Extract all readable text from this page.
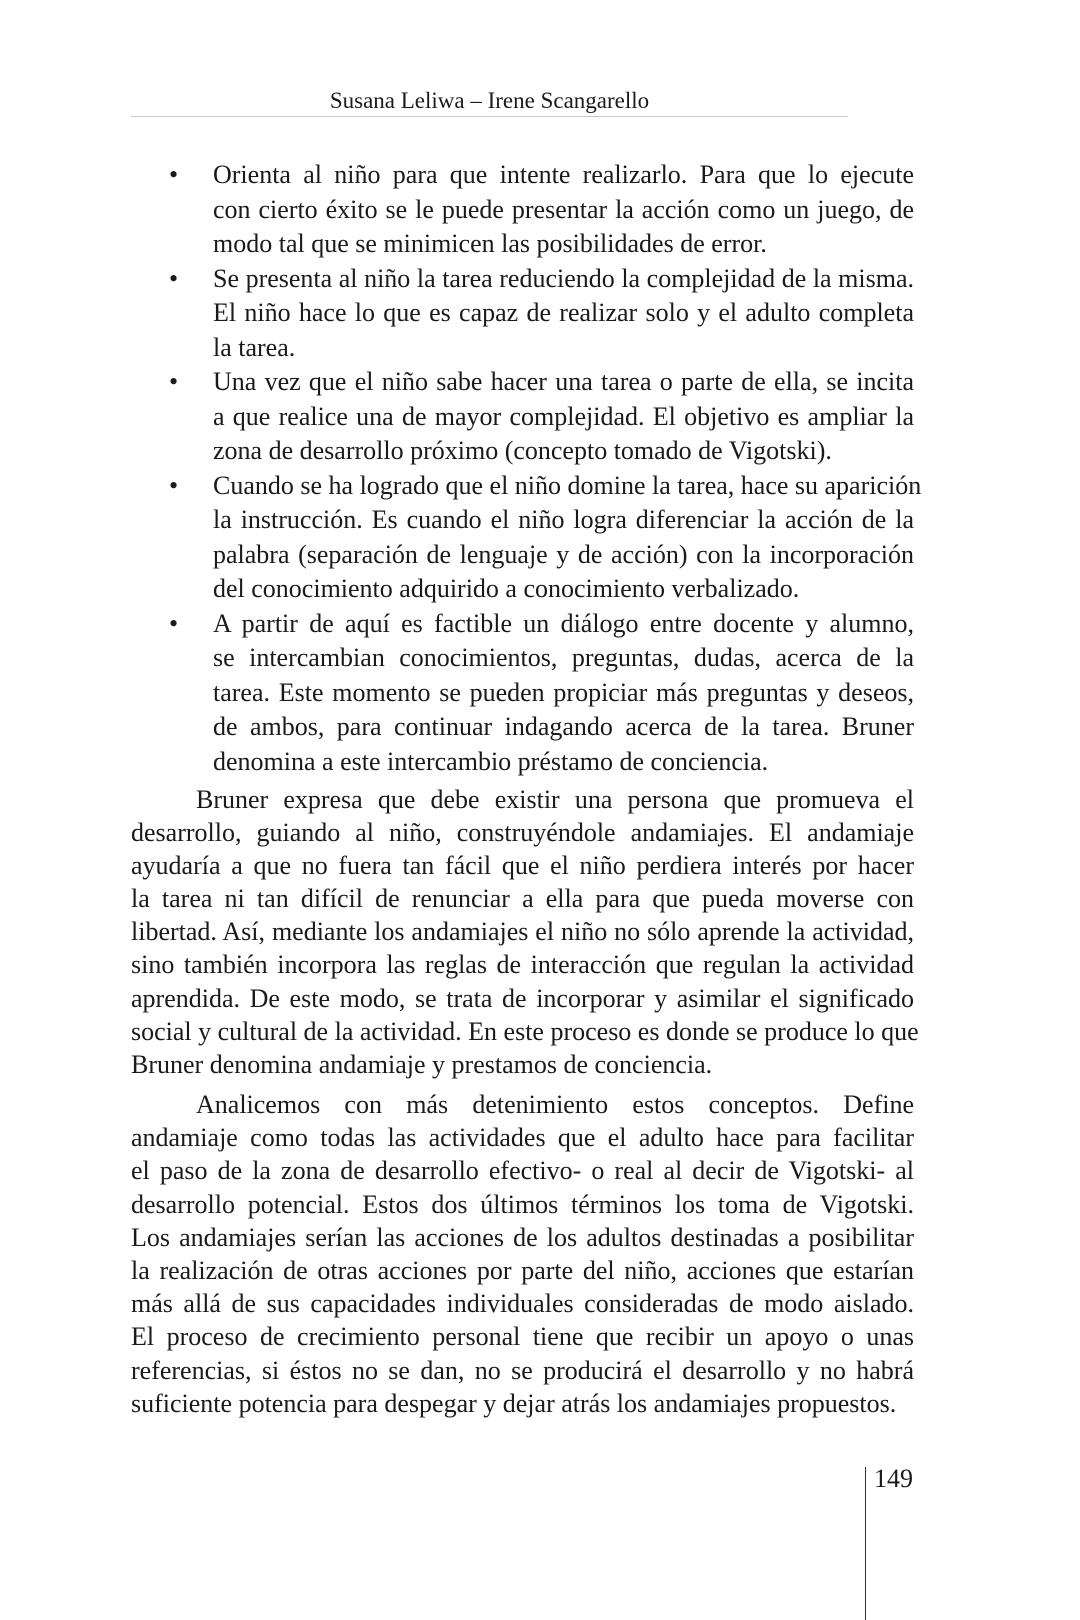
Susana Leliwa – Irene Scangarello
• Orienta al niño para que intente realizarlo. Para que lo ejecute
con cierto éxito se le puede presentar la acción como un juego, de
modo tal que se minimicen las posibilidades de error.
• Se presenta al niño la tarea reduciendo la complejidad de la misma.
El niño hace lo que es capaz de realizar solo y el adulto completa
la tarea.
• Una vez que el niño sabe hacer una tarea o parte de ella, se incita
a que realice una de mayor complejidad. El objetivo es ampliar la
zona de desarrollo próximo (concepto tomado de Vigotski).
• Cuando se ha logrado que el niño domine la tarea, hace su aparición
la instrucción. Es cuando el niño logra diferenciar la acción de la
palabra (separación de lenguaje y de acción) con la incorporación
del conocimiento adquirido a conocimiento verbalizado.
• A partir de aquí es factible un diálogo entre docente y alumno,
se intercambian conocimientos, preguntas, dudas, acerca de la
tarea. Este momento se pueden propiciar más preguntas y deseos,
de ambos, para continuar indagando acerca de la tarea. Bruner
denomina a este intercambio préstamo de conciencia.
Bruner expresa que debe existir una persona que promueva el
desarrollo, guiando al niño, construyéndole andamiajes. El andamiaje
ayudaría a que no fuera tan fácil que el niño perdiera interés por hacer
la tarea ni tan difícil de renunciar a ella para que pueda moverse con
libertad. Así, mediante los andamiajes el niño no sólo aprende la actividad,
sino también incorpora las reglas de interacción que regulan la actividad
aprendida. De este modo, se trata de incorporar y asimilar el significado
social y cultural de la actividad. En este proceso es donde se produce lo que
Bruner denomina andamiaje y prestamos de conciencia.
Analicemos con más detenimiento estos conceptos. Define
andamiaje como todas las actividades que el adulto hace para facilitar
el paso de la zona de desarrollo efectivo- o real al decir de Vigotski- al
desarrollo potencial. Estos dos últimos términos los toma de Vigotski.
Los andamiajes serían las acciones de los adultos destinadas a posibilitar
la realización de otras acciones por parte del niño, acciones que estarían
más allá de sus capacidades individuales consideradas de modo aislado.
El proceso de crecimiento personal tiene que recibir un apoyo o unas
referencias, si éstos no se dan, no se producirá el desarrollo y no habrá
suficiente potencia para despegar y dejar atrás los andamiajes propuestos.
149
